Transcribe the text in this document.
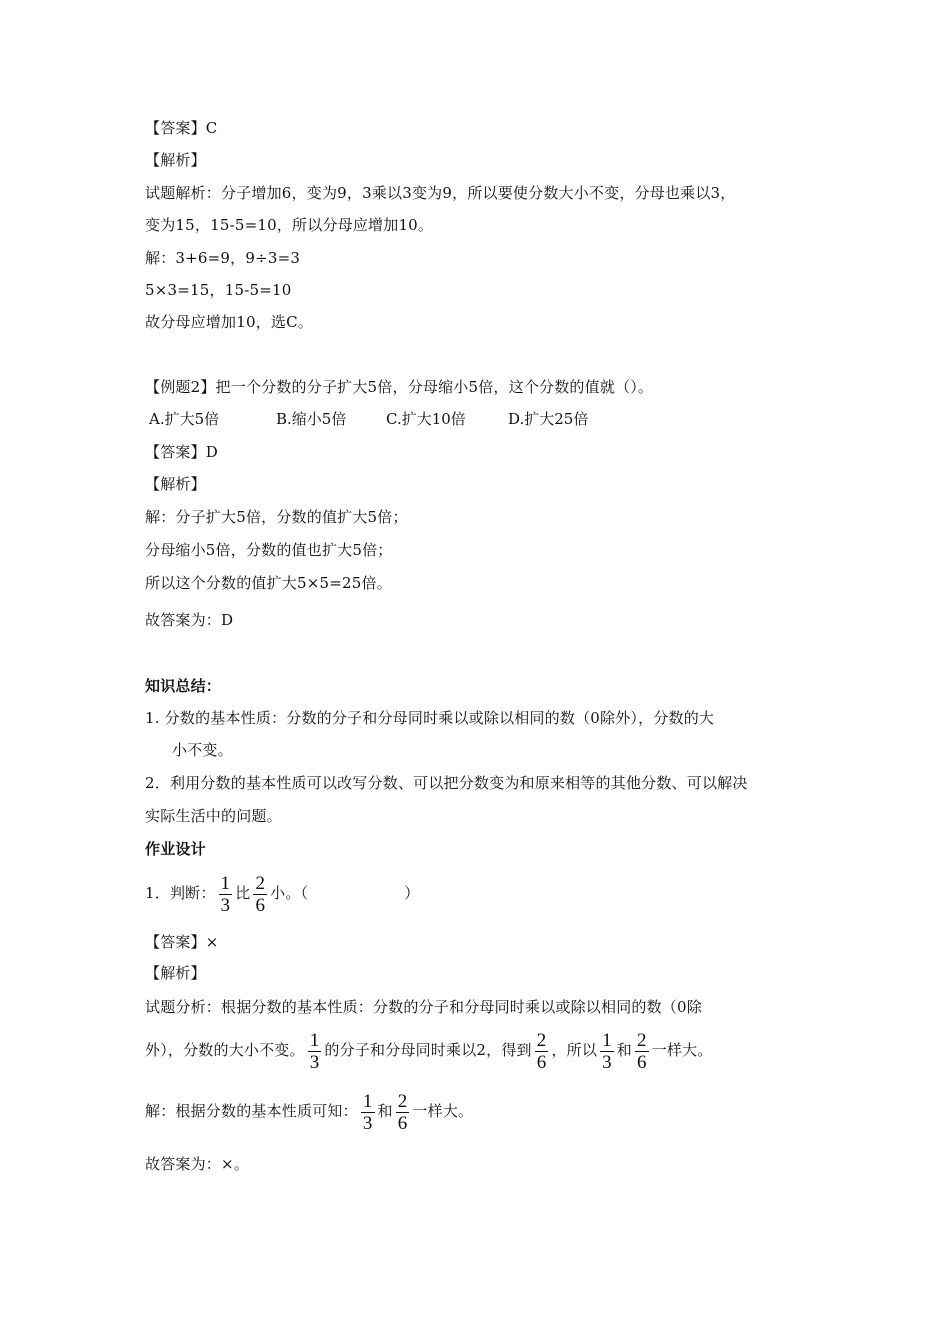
【答案】C
【解析】
试题解析：分子增加6，变为9，3乘以3变为9，所以要使分数大小不变，分母也乘以3，
变为15，15-5=10，所以分母应增加10。
解：3+6=9，9÷3=3
5×3=15，15-5=10
故分母应增加10，选C。
【例题2】把一个分数的分子扩大5倍，分母缩小5倍，这个分数的值就（）。
A.扩大5倍	B.缩小5倍	C.扩大10倍	D.扩大25倍
【答案】D
【解析】
解：分子扩大5倍，分数的值扩大5倍；
分母缩小5倍，分数的值也扩大5倍；
所以这个分数的值扩大5×5=25倍。
故答案为：D
知识总结：
1. 分数的基本性质：分数的分子和分母同时乘以或除以相同的数（0除外），分数的大
小不变。
2．利用分数的基本性质可以改写分数、可以把分数变为和原来相等的其他分数、可以解决
实际生活中的问题。
作业设计
1．判断： $\frac{1}{3}$ 比 $\frac{2}{6}$ 小。（	）
【答案】×
【解析】
试题分析：根据分数的基本性质：分数的分子和分母同时乘以或除以相同的数（0除
外），分数的大小不变。 $\frac{1}{3}$ 的分子和分母同时乘以2，得到 $\frac{2}{6}$ ，所以 $\frac{1}{3}$ 和 $\frac{2}{6}$ 一样大。
解：根据分数的基本性质可知： $\frac{1}{3}$ 和 $\frac{2}{6}$ 一样大。
故答案为：×。
